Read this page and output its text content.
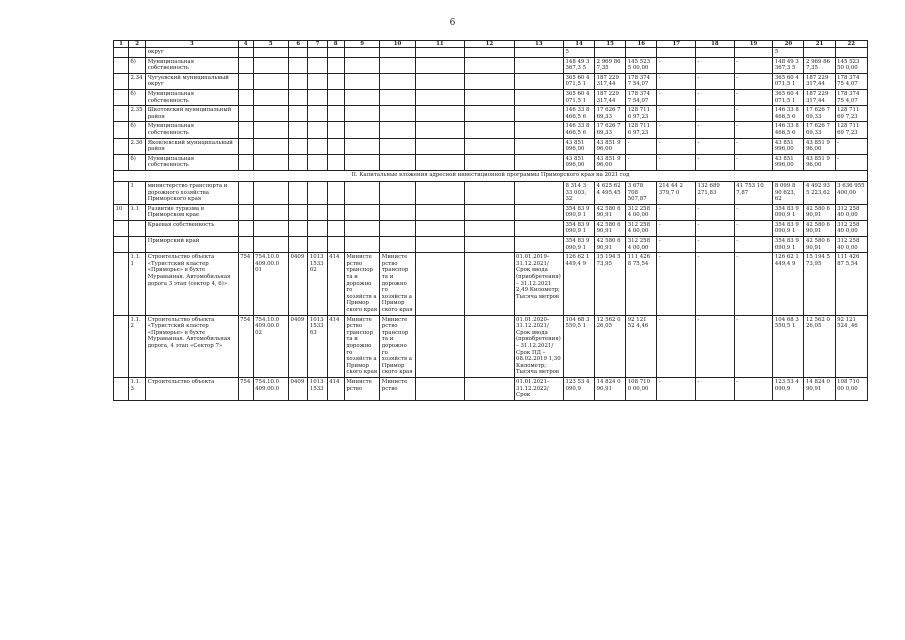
6
1	2	3	4	5	6	7	8	9	10	11	12	13	14	15	16	17	18	19	20	21	22
		округ											5						5		
	б)	Муниципальная собственность											148 49 3 367,3 5	2 969 86 7,35	145 523 5 00,00	-	-	-	148 49 3 367,3 5	2 969 86 7,35	145 523 50 0,00
	2.34	Чугуевский муниципальный округ											365 60 4 071,5 1	187 229 317,44	178 374 7 54,07	-	-	-	365 60 4 071,5 1	187 229 317,44	178 374 75 4,07
	б)	Муниципальная собственность											365 60 4 071,5 1	187 229 317,44	178 374 7 54,07	-	-	-	365 60 4 071,5 1	187 229 317,44	178 374 75 4,07
	2.35	Шкотовский муниципальный район											146 33 8 466,5 6	17 626 7 69,33	128 711 6 97,23	-	-	-	146 33 8 466,5 6	17 626 7 69,33	128 711 69 7,23
	б)	Муниципальная собственность											146 33 8 466,5 6	17 626 7 69,33	128 711 6 97,23	-	-	-	146 33 8 466,5 6	17 626 7 69,33	128 711 69 7,23
	2.36	Яковлевский муниципальный район											43 851 996,00	43 851 9 96,00	-	-	-	-	43 851 996,00	43 851 9 96,00	-
	б)	Муниципальная собственность											43 851 996,00	43 851 9 96,00	-	-	-	-	43 851 996,00	43 851 9 96,00	-
II. Капитальные вложения адресной инвестиционной программы Приморского края на 2021 год																					
	1	министерство транспорта и дорожного хозяйства Приморского края											8 314 3 33 003, 32	4 625 62 4 495,45	3 678 708 507,87	214 44 2 379,7 0	132 689 271,83	41 753 10 7,87	8 099 8 90 623, 62	4 492 93 5 223,62	3 636 955 400,00
10	1.1	Развитие туризма в Приморском крае											354 83 9 090,9 1	42 580 6 90,91	312 258 4 00,00	-	-	-	354 83 9 090,9 1	42 580 6 90,91	312 258 40 0,00
		Краевая собственность											354 83 9 090,9 1	42 580 6 90,91	312 258 4 00,00	-	-	-	354 83 9 090,9 1	42 580 6 90,91	312 258 40 0,00
		Приморский край											354 83 9 090,9 1	42 580 6 90,91	312 258 4 00,00	-	-	-	354 83 9 090,9 1	42 580 6 90,91	312 258 40 0,00
	1.1. 1	Строительство объекта «Туристский кластер «Приморье» в бухте Муравьиная. Автомобильная дорога 3 этап (сектор 4, 6)»	754	754.10.0 409.00.0 01	0409	1013 1533 62	414	Министе рство транспор та и дорожно го хозяйств а Примор ского края	Министе рство транспор та и дорожно го хозяйств а Примор ского края			01.01.2019– 31.12.2021/ Срок ввода (приобретения) – 31.12.2021 2,49 Километр; Тысяча метров	126 62 1 449,4 9	15 194 5 73,95	111 426 8 75,54	-	-	-	126 62 1 449,4 9	15 194 5 73,95	111 426 87 5,54
	1.1. 2	Строительство объекта «Туристский кластер «Приморье» в бухте Муравьиная. Автомобильная дорога, 4 этап «Сектор 7»	754	754.10.0 409.00.0 02	0409	1013 1533 63	414	Министе рство транспор та и дорожно го хозяйств а Примор ского края	Министе рство транспор та и дорожно го хозяйств а Примор ского края			01.01.2020– 31.12.2021/ Срок ввода (приобретения) – 31.12.2021/ Срок ПД – 08.02.2019 1,30 Километр; Тысяча метров	104 68 3 550,5 1	12 562 0 26,05	92 121 52 4,46	-	-	-	104 68 3 550,5 1	12 562 0 26,05	92 121 524 ,46
	1.1. 3	Строительство объекта	754	754.10.0 409.00.0	0409	1013 1533	414	Министе рство	Министе рство			01.01.2021– 31.12.2022/ Срок	123 53 4 090,9	14 824 0 90,91	108 710 0 00,00	-	-	-	123 53 4 090,9	14 824 0 90,91	108 710 00 0,00
